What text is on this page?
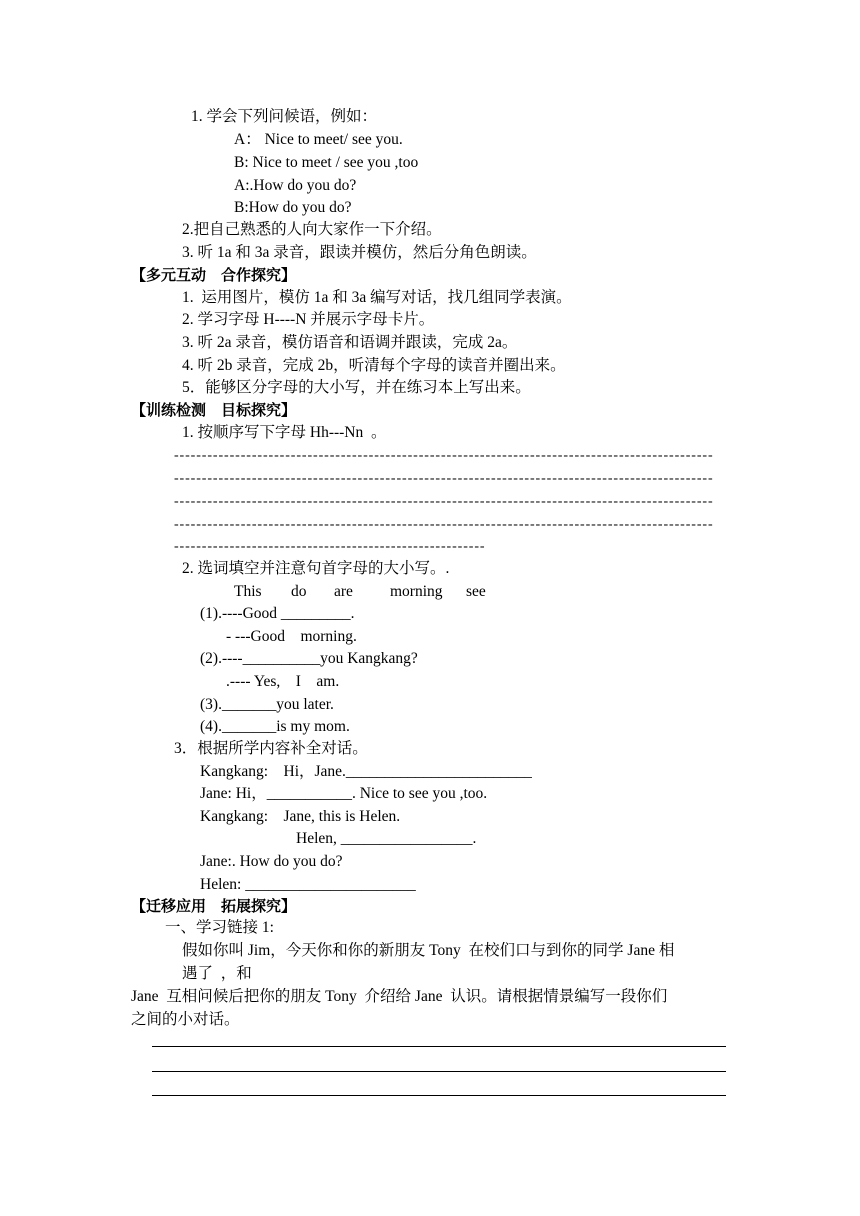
1. 学会下列问候语，例如：
A： Nice to meet/ see you.
B: Nice to meet / see you ,too
A:.How do you do?
B:How do you do?
2.把自己熟悉的人向大家作一下介绍。
3. 听 1a 和 3a 录音，跟读并模仿，然后分角色朗读。
【多元互动　合作探究】
1.  运用图片，模仿 1a 和 3a 编写对话，找几组同学表演。
2. 学习字母 H----N 并展示字母卡片。
3. 听 2a 录音，模仿语音和语调并跟读，完成 2a。
4. 听 2b 录音，完成 2b，听清每个字母的读音并圈出来。
5．能够区分字母的大小写，并在练习本上写出来。
【训练检测　目标探究】
1. 按顺序写下字母 Hh---Nn  。
-------------------------------------------------------------------------------------------------
-------------------------------------------------------------------------------------------------
-------------------------------------------------------------------------------------------------
-------------------------------------------------------------------------------------------------
--------------------------------------------------------
2. 选词填空并注意句首字母的大小写。.
This do are morning see
(1).----Good _________.
- ---Good    morning.
(2).----__________you Kangkang?
.---- Yes,    I    am.
(3)._______you later.
(4)._______is my mom.
3．根据所学内容补全对话。
Kangkang:    Hi，Jane.________________________
Jane: Hi，___________. Nice to see you ,too.
Kangkang:    Jane, this is Helen.
Helen, _________________.
Jane:. How do you do?
Helen: ______________________
【迁移应用　拓展探究】
一、学习链接 1:
假如你叫 Jim，今天你和你的新朋友 Tony  在校们口与到你的同学 Jane 相
遇了  ，和
Jane  互相问候后把你的朋友 Tony  介绍给 Jane  认识。请根据情景编写一段你们
之间的小对话。
